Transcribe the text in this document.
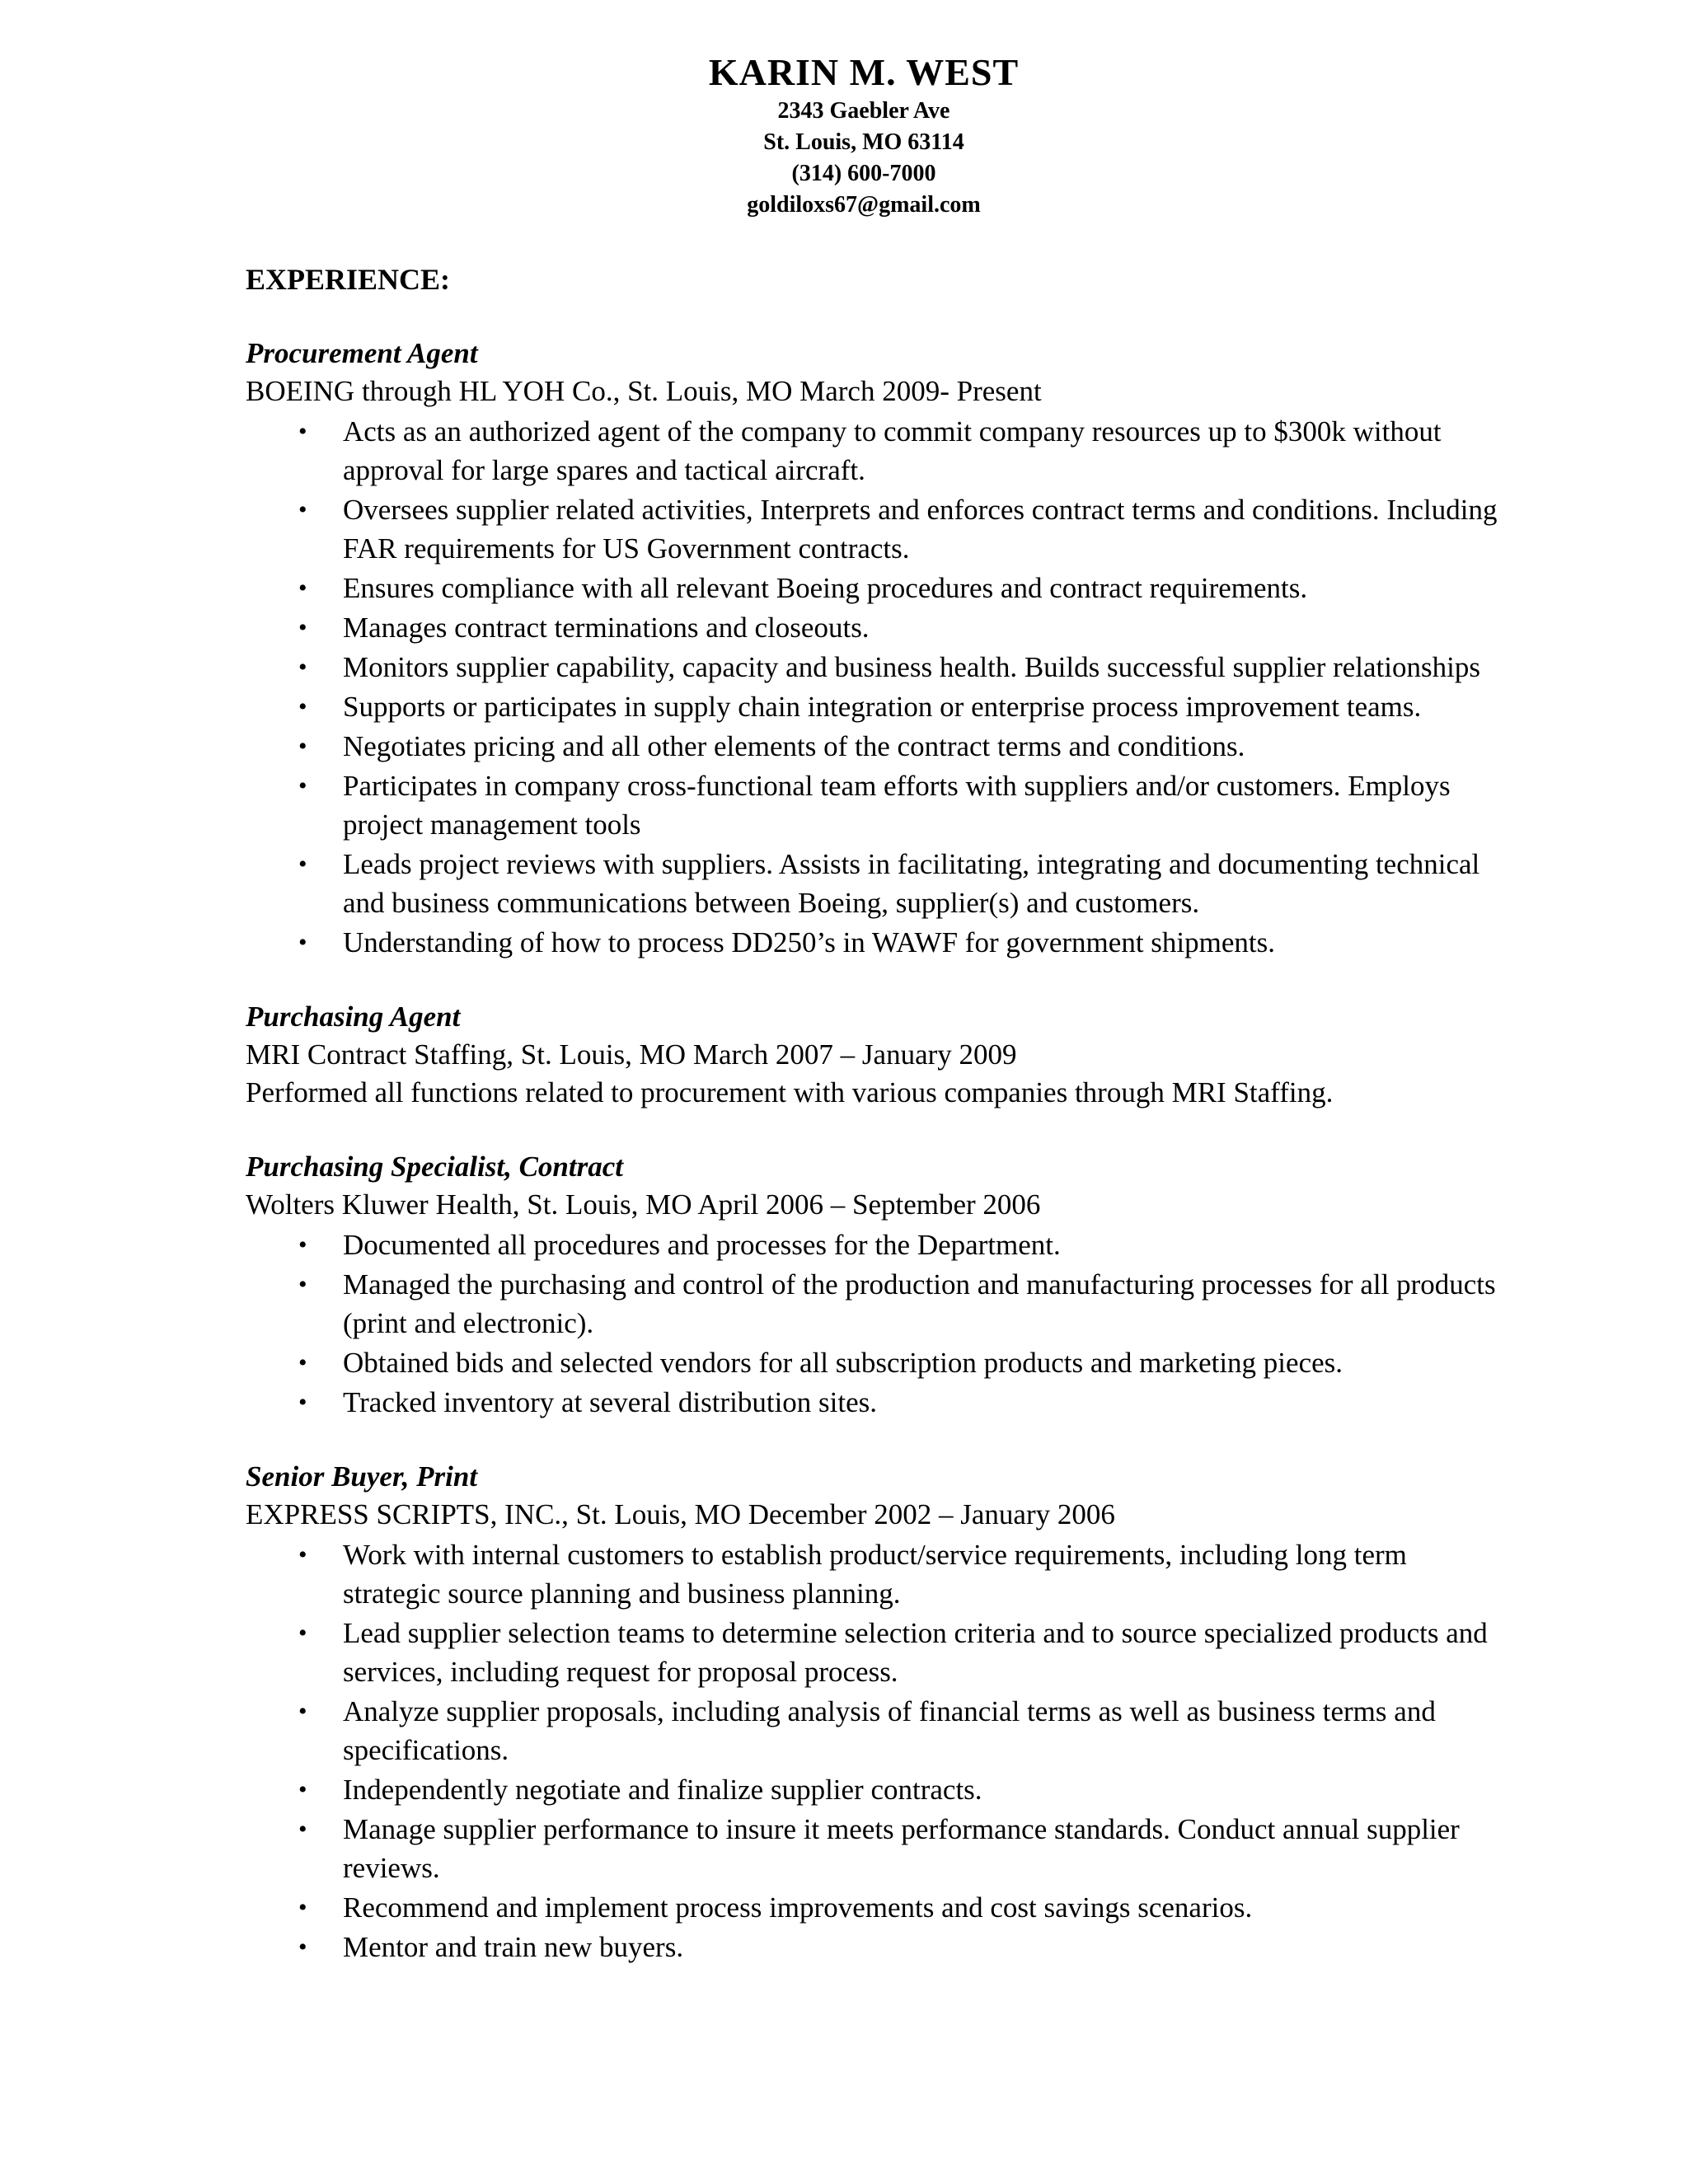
KARIN M. WEST
2343 Gaebler Ave
St. Louis, MO 63114
(314) 600-7000
goldiloxs67@gmail.com
EXPERIENCE:
Procurement Agent
BOEING through HL YOH Co., St. Louis, MO March 2009- Present
• Acts as an authorized agent of the company to commit company resources up to $300k without approval for large spares and tactical aircraft.
• Oversees supplier related activities, Interprets and enforces contract terms and conditions. Including FAR requirements for US Government contracts.
• Ensures compliance with all relevant Boeing procedures and contract requirements.
• Manages contract terminations and closeouts.
• Monitors supplier capability, capacity and business health. Builds successful supplier relationships
• Supports or participates in supply chain integration or enterprise process improvement teams.
• Negotiates pricing and all other elements of the contract terms and conditions.
• Participates in company cross-functional team efforts with suppliers and/or customers. Employs project management tools
• Leads project reviews with suppliers. Assists in facilitating, integrating and documenting technical and business communications between Boeing, supplier(s) and customers.
• Understanding of how to process DD250’s in WAWF for government shipments.
Purchasing Agent
MRI Contract Staffing, St. Louis, MO March 2007 – January 2009
Performed all functions related to procurement with various companies through MRI Staffing.
Purchasing Specialist, Contract
Wolters Kluwer Health, St. Louis, MO April 2006 – September 2006
• Documented all procedures and processes for the Department.
• Managed the purchasing and control of the production and manufacturing processes for all products (print and electronic).
• Obtained bids and selected vendors for all subscription products and marketing pieces.
• Tracked inventory at several distribution sites.
Senior Buyer, Print
EXPRESS SCRIPTS, INC., St. Louis, MO December 2002 – January 2006
• Work with internal customers to establish product/service requirements, including long term strategic source planning and business planning.
• Lead supplier selection teams to determine selection criteria and to source specialized products and services, including request for proposal process.
• Analyze supplier proposals, including analysis of financial terms as well as business terms and specifications.
• Independently negotiate and finalize supplier contracts.
• Manage supplier performance to insure it meets performance standards. Conduct annual supplier reviews.
• Recommend and implement process improvements and cost savings scenarios.
• Mentor and train new buyers.
